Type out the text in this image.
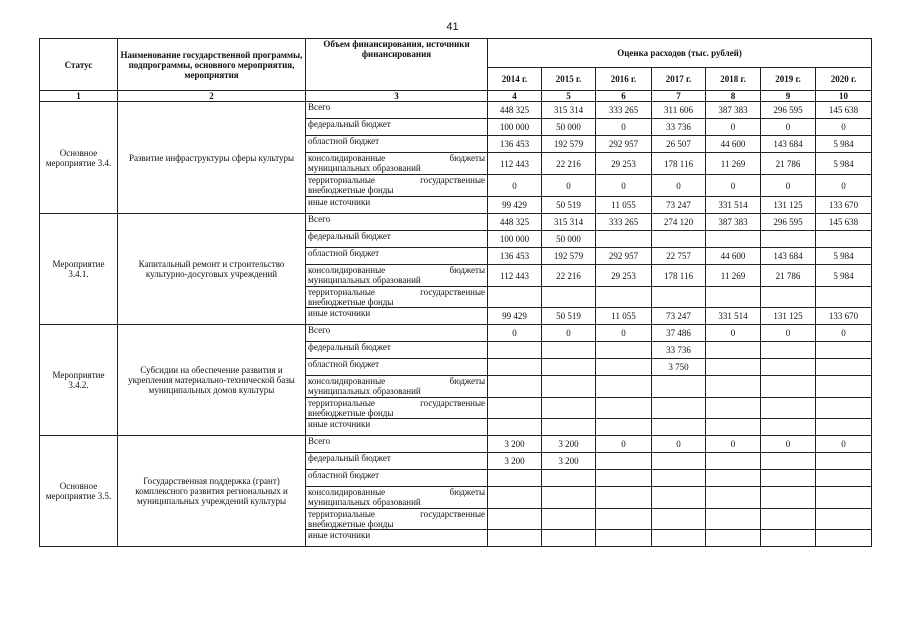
41
Статус	Наименование государственной программы, подпрограммы, основного мероприятия, мероприятия	Объем финансирования, источники финансирования	Оценка расходов (тыс. рублей)						
			2014 г.	2015 г.	2016 г.	2017 г.	2018 г.	2019 г.	2020 г.
1	2	3	4	5	6	7	8	9	10
Основное мероприятие 3.4.	Развитие инфраструктуры сферы культуры	Всего	448 325	315 314	333 265	311 606	387 383	296 595	145 638
		федеральный бюджет	100 000	50 000	0	33 736	0	0	0
		областной бюджет	136 453	192 579	292 957	26 507	44 600	143 684	5 984

		консолидированные бюджеты
муниципальных образований	112 443	22 216	29 253	178 116	11 269	21 786	5 984

		территориальные государственные
внебюджетные фонды	0	0	0	0	0	0	0
		иные источники	99 429	50 519	11 055	73 247	331 514	131 125	133 670
Мероприятие 3.4.1.	Капитальный ремонт и строительство культурно-досуговых учреждений	Всего	448 325	315 314	333 265	274 120	387 383	296 595	145 638
		федеральный бюджет	100 000	50 000					
		областной бюджет	136 453	192 579	292 957	22 757	44 600	143 684	5 984

		консолидированные бюджеты
муниципальных образований	112 443	22 216	29 253	178 116	11 269	21 786	5 984

		территориальные государственные
внебюджетные фонды							

		иные источники	99 429	50 519	11 055	73 247	331 514	131 125	133 670
Мероприятие 3.4.2.	Субсидии на обеспечение развития и укрепления материально-технической базы муниципальных домов культуры	Всего	0	0	0	37 486	0	0	0
		федеральный бюджет				33 736			
		областной бюджет				3 750			

		консолидированные бюджеты
муниципальных образований							

		территориальные государственные
внебюджетные фонды							

		иные источники							
Основное мероприятие 3.5.	Государственная поддержка (грант) комплексного развития региональных и муниципальных учреждений культуры	Всего	3 200	3 200	0	0	0	0	0
		федеральный бюджет	3 200	3 200					
		областной бюджет							

		консолидированные бюджеты
муниципальных образований							

		территориальные государственные
внебюджетные фонды							

		иные источники							
